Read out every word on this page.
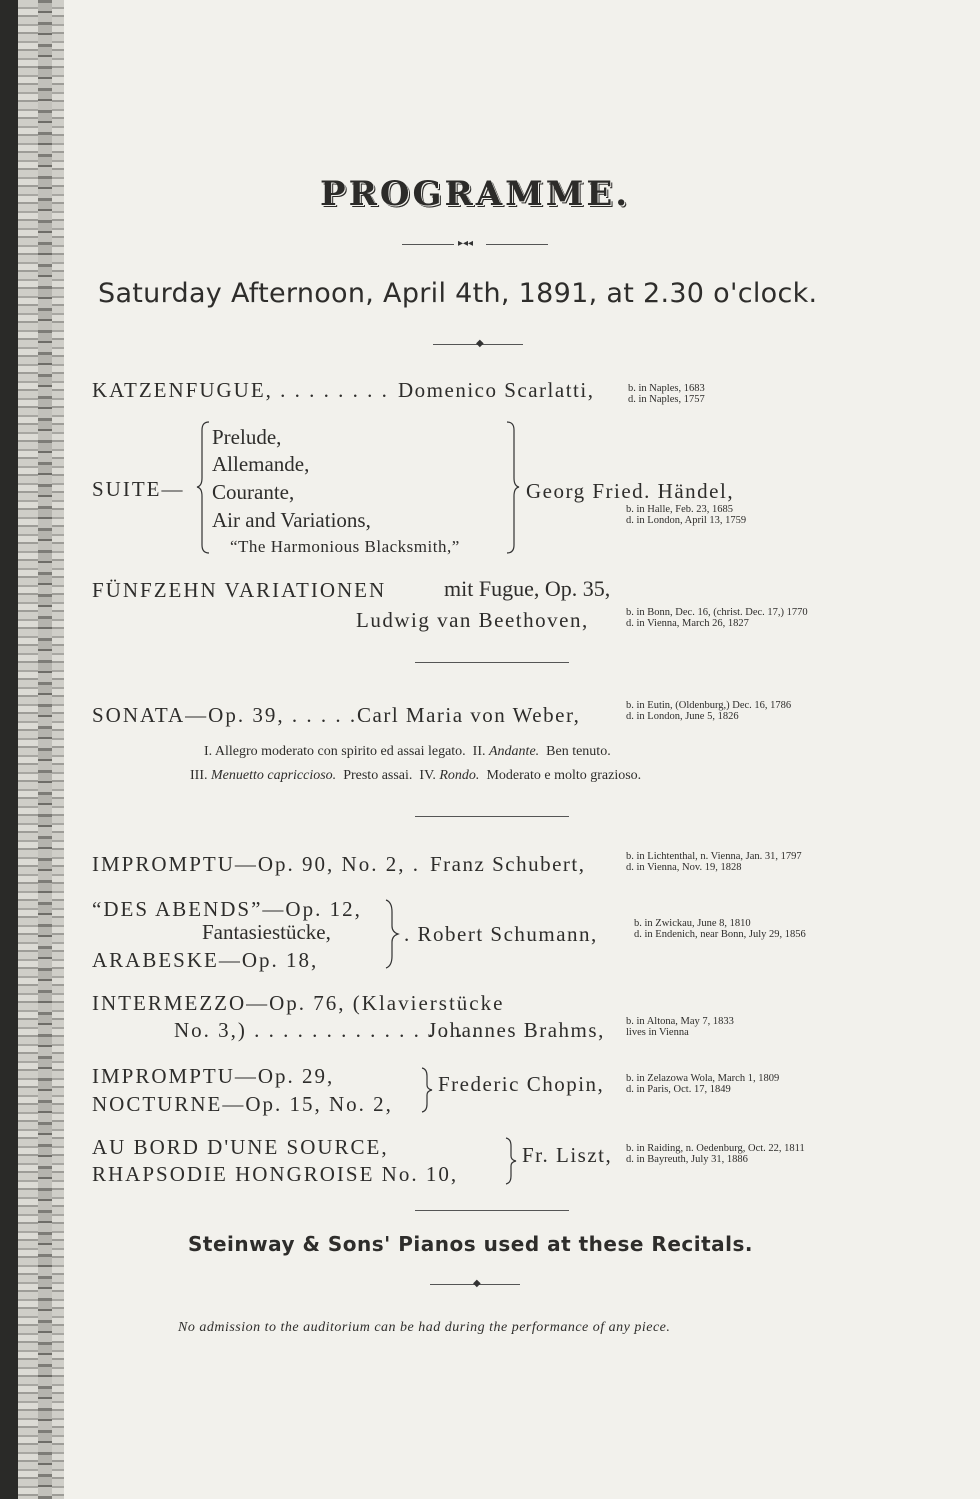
PROGRAMME.
▸◂◂
Saturday Afternoon, April 4th, 1891, at 2.30 o'clock.
◆
KATZENFUGUE, . . . . . . . . Domenico Scarlatti,	b. in Naples, 1683
d. in Naples, 1757
SUITE—
Prelude,
Allemande,
Courante,
Air and Variations,
“The Harmonious Blacksmith,”
Georg Fried. Händel,
b. in Halle, Feb. 23, 1685
d. in London, April 13, 1759
FÜNFZEHN VARIATIONEN	mit Fugue, Op. 35,
Ludwig van Beethoven,	b. in Bonn, Dec. 16, (christ. Dec. 17,) 1770
d. in Vienna, March 26, 1827
SONATA—Op. 39, . . . . . Carl Maria von Weber,	b. in Eutin, (Oldenburg,) Dec. 16, 1786
d. in London, June 5, 1826
I. Allegro moderato con spirito ed assai legato. II. Andante. Ben tenuto.
III. Menuetto capriccioso. Presto assai. IV. Rondo. Moderato e molto grazioso.
IMPROMPTU—Op. 90, No. 2, . Franz Schubert,	b. in Lichtenthal, n. Vienna, Jan. 31, 1797
d. in Vienna, Nov. 19, 1828
“DES ABENDS”—Op. 12,
Fantasiestücke,
ARABESKE—Op. 18,
. Robert Schumann,	b. in Zwickau, June 8, 1810
d. in Endenich, near Bonn, July 29, 1856
INTERMEZZO—Op. 76, (Klavierstücke
No. 3,) . . . . . . . . . . . . . . . .
Johannes Brahms, b. in Altona, May 7, 1833
lives in Vienna
IMPROMPTU—Op. 29,
NOCTURNE—Op. 15, No. 2,
Frederic Chopin, b. in Zelazowa Wola, March 1, 1809
d. in Paris, Oct. 17, 1849
AU BORD D'UNE SOURCE,
RHAPSODIE HONGROISE No. 10,
Fr. Liszt, b. in Raiding, n. Oedenburg, Oct. 22, 1811
d. in Bayreuth, July 31, 1886
Steinway & Sons' Pianos used at these Recitals.
◆
No admission to the auditorium can be had during the performance of any piece.
